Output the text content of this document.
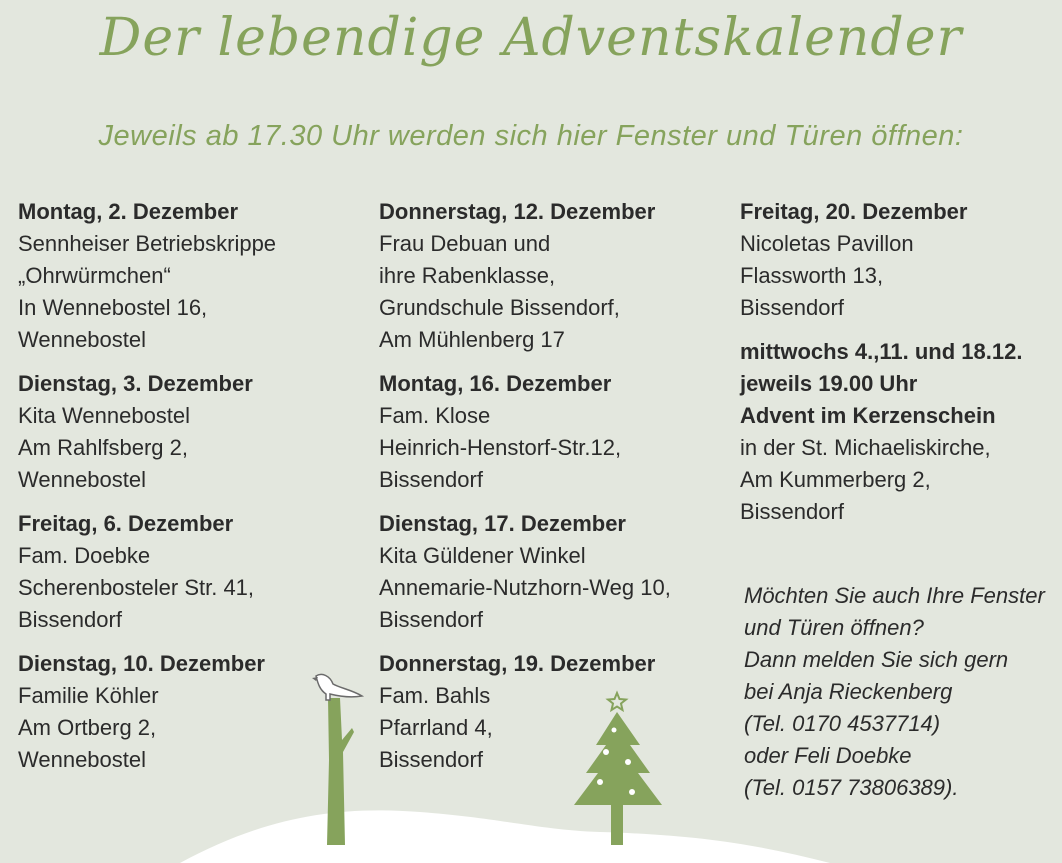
Der lebendige Adventskalender
Jeweils ab 17.30 Uhr werden sich hier Fenster und Türen öffnen:
Montag, 2. Dezember
Sennheiser Betriebskrippe
„Ohrwürmchen“
In Wennebostel 16,
Wennebostel
Dienstag, 3. Dezember
Kita Wennebostel
Am Rahlfsberg 2,
Wennebostel
Freitag, 6. Dezember
Fam. Doebke
Scherenbosteler Str. 41,
Bissendorf
Dienstag, 10. Dezember
Familie Köhler
Am Ortberg 2,
Wennebostel
Donnerstag, 12. Dezember
Frau Debuan und
ihre Rabenklasse,
Grundschule Bissendorf,
Am Mühlenberg 17
Montag, 16. Dezember
Fam. Klose
Heinrich-Henstorf-Str.12,
Bissendorf
Dienstag, 17. Dezember
Kita Güldener Winkel
Annemarie-Nutzhorn-Weg 10,
Bissendorf
Donnerstag, 19. Dezember
Fam. Bahls
Pfarrland 4,
Bissendorf
Freitag, 20. Dezember
Nicoletas Pavillon
Flassworth 13,
Bissendorf
mittwochs 4.,11. und 18.12.
jeweils 19.00 Uhr
Advent im Kerzenschein
in der St. Michaeliskirche,
Am Kummerberg 2,
Bissendorf
Möchten Sie auch Ihre Fenster
und Türen öffnen?
Dann melden Sie sich gern
bei Anja Rieckenberg
(Tel. 0170 4537714)
oder Feli Doebke
(Tel. 0157 73806389).
